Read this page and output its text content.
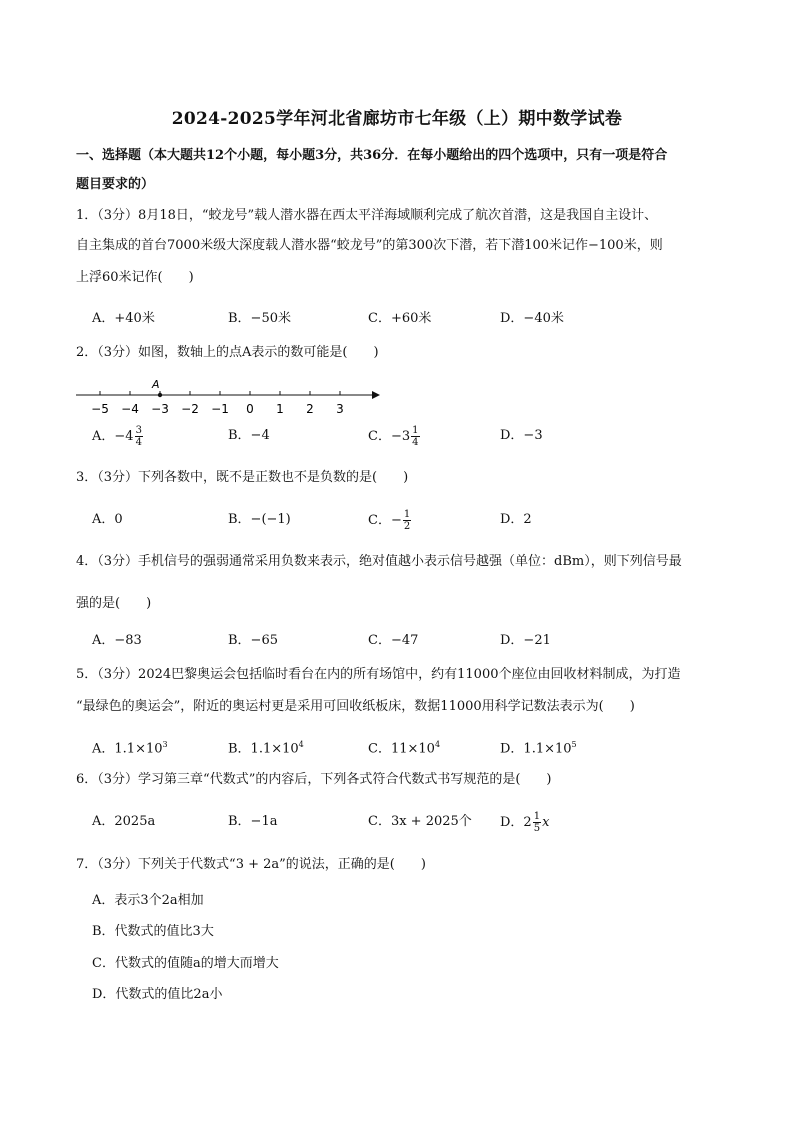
2024-2025学年河北省廊坊市七年级（上）期中数学试卷
一、选择题（本大题共12个小题，每小题3分，共36分．在每小题给出的四个选项中，只有一项是符合
题目要求的）
1．（3分）8月18日，“蛟龙号”载人潜水器在西太平洋海域顺利完成了航次首潜，这是我国自主设计、
自主集成的首台7000米级大深度载人潜水器“蛟龙号”的第300次下潜，若下潜100米记作−100米，则
上浮60米记作(　　)
A．+40米	B．−50米	C．+60米	D．−40米
2．（3分）如图，数轴上的点A表示的数可能是(　　)
−5 −4 −3 −2 −1 0 1 2 3
A
A．$-4 \frac{3}{4}$	B．−4	C．$-3 \frac{1}{4}$	D．−3
3．（3分）下列各数中，既不是正数也不是负数的是(　　)
A．0	B．−(−1)	C．− $\frac{1}{2}$	D．2
4．（3分）手机信号的强弱通常采用负数来表示，绝对值越小表示信号越强（单位：dBm），则下列信号最
强的是(　　)
A．−83	B．−65	C．−47	D．−21
5．（3分）2024巴黎奥运会包括临时看台在内的所有场馆中，约有11000个座位由回收材料制成，为打造
“最绿色的奥运会”，附近的奥运村更是采用可回收纸板床，数据11000用科学记数法表示为(　　)
A．$1.1\times 10^3$	B．$1.1\times 10^4$	C．$11\times 10^4$	D．$1.1\times 10^5$
6．（3分）学习第三章“代数式”的内容后，下列各式符合代数式书写规范的是(　　)
A．2025a	B．−1a	C．3x + 2025个 D．$2 \frac{1}{5}$ x
7．（3分）下列关于代数式“3 + 2a”的说法，正确的是(　　)
A．表示3个2a相加
B．代数式的值比3大
C．代数式的值随a的增大而增大
D．代数式的值比2a小
